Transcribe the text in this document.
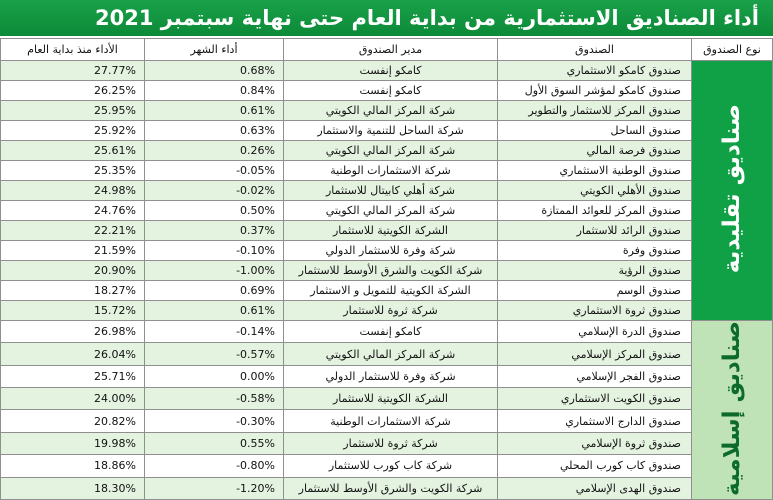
أداء الصناديق الاستثمارية من بداية العام حتى نهاية سبتمبر 2021
نوع الصندوق	الصندوق	مدير الصندوق	أداء الشهر	الأداء منذ بداية العام
صناديق تقليدية	صندوق كامكو الاستثماري	كامكو إنفست	0.68%	27.77%
	صندوق كامكو لمؤشر السوق الأول	كامكو إنفست	0.84%	26.25%
	صندوق المركز للاستثمار والتطوير	شركة المركز المالي الكويتي	0.61%	25.95%
	صندوق الساحل	شركة الساحل للتنمية والاستثمار	0.63%	25.92%
	صندوق فرصة المالي	شركة المركز المالي الكويتي	0.26%	25.61%
	صندوق الوطنية الاستثماري	شركة الاستثمارات الوطنية	-0.05%	25.35%
	صندوق الأهلي الكويتي	شركة أهلي كابيتال للاستثمار	-0.02%	24.98%
	صندوق المركز للعوائد الممتازة	شركة المركز المالي الكويتي	0.50%	24.76%
	صندوق الرائد للاستثمار	الشركة الكويتية للاستثمار	0.37%	22.21%
	صندوق وفرة	شركة وفرة للاستثمار الدولي	-0.10%	21.59%
	صندوق الرؤية	شركة الكويت والشرق الأوسط للاستثمار	-1.00%	20.90%
	صندوق الوسم	الشركة الكويتية للتمويل و الاستثمار	0.69%	18.27%
	صندوق ثروة الاستثماري	شركة ثروة للاستثمار	0.61%	15.72%
صناديق إسلامية	صندوق الدرة الإسلامي	كامكو إنفست	-0.14%	26.98%
	صندوق المركز الإسلامي	شركة المركز المالي الكويتي	-0.57%	26.04%
	صندوق الفجر الإسلامي	شركة وفرة للاستثمار الدولي	0.00%	25.71%
	صندوق الكويت الاستثماري	الشركة الكويتية للاستثمار	-0.58%	24.00%
	صندوق الدارج الاستثماري	شركة الاستثمارات الوطنية	-0.30%	20.82%
	صندوق ثروة الإسلامي	شركة ثروة للاستثمار	0.55%	19.98%
	صندوق كاب كورب المحلي	شركة كاب كورب للاستثمار	-0.80%	18.86%
	صندوق الهدى الإسلامي	شركة الكويت والشرق الأوسط للاستثمار	-1.20%	18.30%
